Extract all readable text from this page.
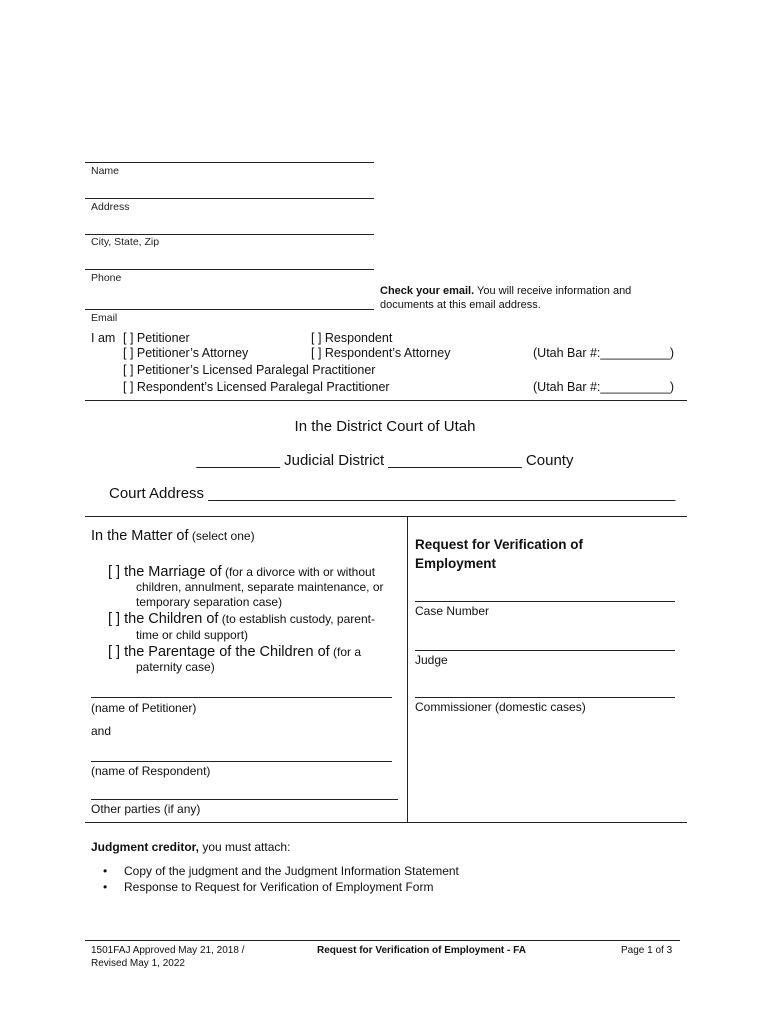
Name
Address
City, State, Zip
Phone
Email
Check your email. You will receive information and
documents at this email address.
I am [ ] Petitioner	[ ] Respondent
[ ] Petitioner’s Attorney	[ ] Respondent’s Attorney	(Utah Bar #:__________)
[ ] Petitioner’s Licensed Paralegal Practitioner
[ ] Respondent’s Licensed Paralegal Practitioner	(Utah Bar #:__________)
In the District Court of Utah
__________ Judicial District ________________ County
Court Address ________________________________________________________
In the Matter of (select one)
[ ] the Marriage of (for a divorce with or without
children, annulment, separate maintenance, or
temporary separation case)
[ ] the Children of (to establish custody, parent-
time or child support)
[ ] the Parentage of the Children of (for a
paternity case)
(name of Petitioner)
and
(name of Respondent)
Other parties (if any)
Request for Verification of
Employment
Case Number
Judge
Commissioner (domestic cases)
Judgment creditor, you must attach:
• Copy of the judgment and the Judgment Information Statement
• Response to Request for Verification of Employment Form
1501FAJ Approved May 21, 2018 /
Revised May 1, 2022
Request for Verification of Employment - FA	Page 1 of 3
